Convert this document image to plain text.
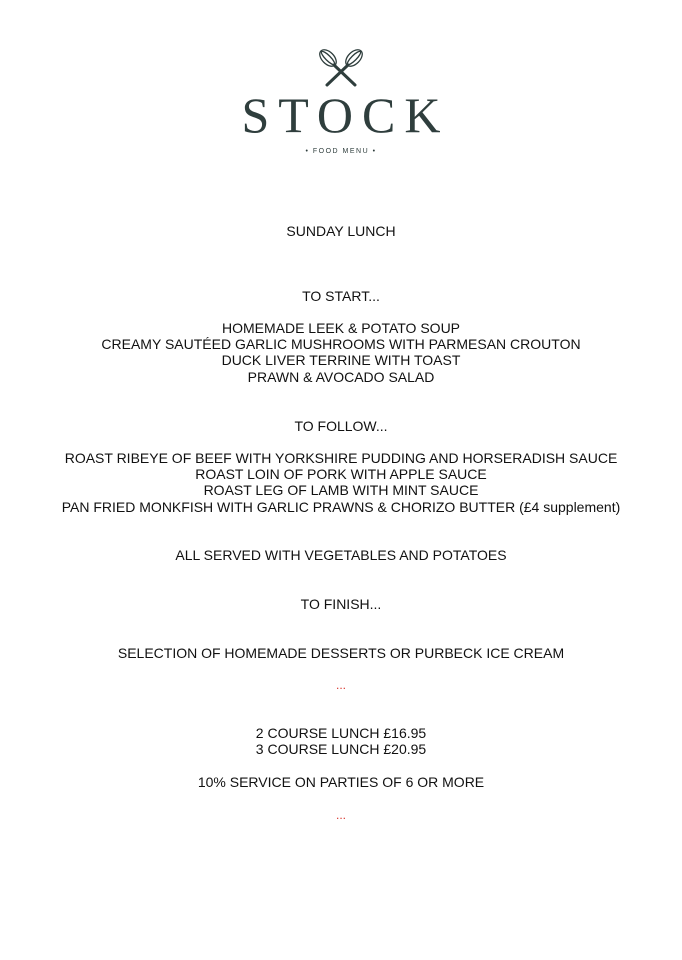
STOCK
• FOOD MENU •
SUNDAY LUNCH
TO START...
HOMEMADE LEEK & POTATO SOUP
CREAMY SAUTÉED GARLIC MUSHROOMS WITH PARMESAN CROUTON
DUCK LIVER TERRINE WITH TOAST
PRAWN & AVOCADO SALAD
TO FOLLOW...
ROAST RIBEYE OF BEEF WITH YORKSHIRE PUDDING AND HORSERADISH SAUCE
ROAST LOIN OF PORK WITH APPLE SAUCE
ROAST LEG OF LAMB WITH MINT SAUCE
PAN FRIED MONKFISH WITH GARLIC PRAWNS & CHORIZO BUTTER (£4 supplement)
ALL SERVED WITH VEGETABLES AND POTATOES
TO FINISH...
SELECTION OF HOMEMADE DESSERTS OR PURBECK ICE CREAM
...
2 COURSE LUNCH £16.95
3 COURSE LUNCH £20.95
10% SERVICE ON PARTIES OF 6 OR MORE
...
